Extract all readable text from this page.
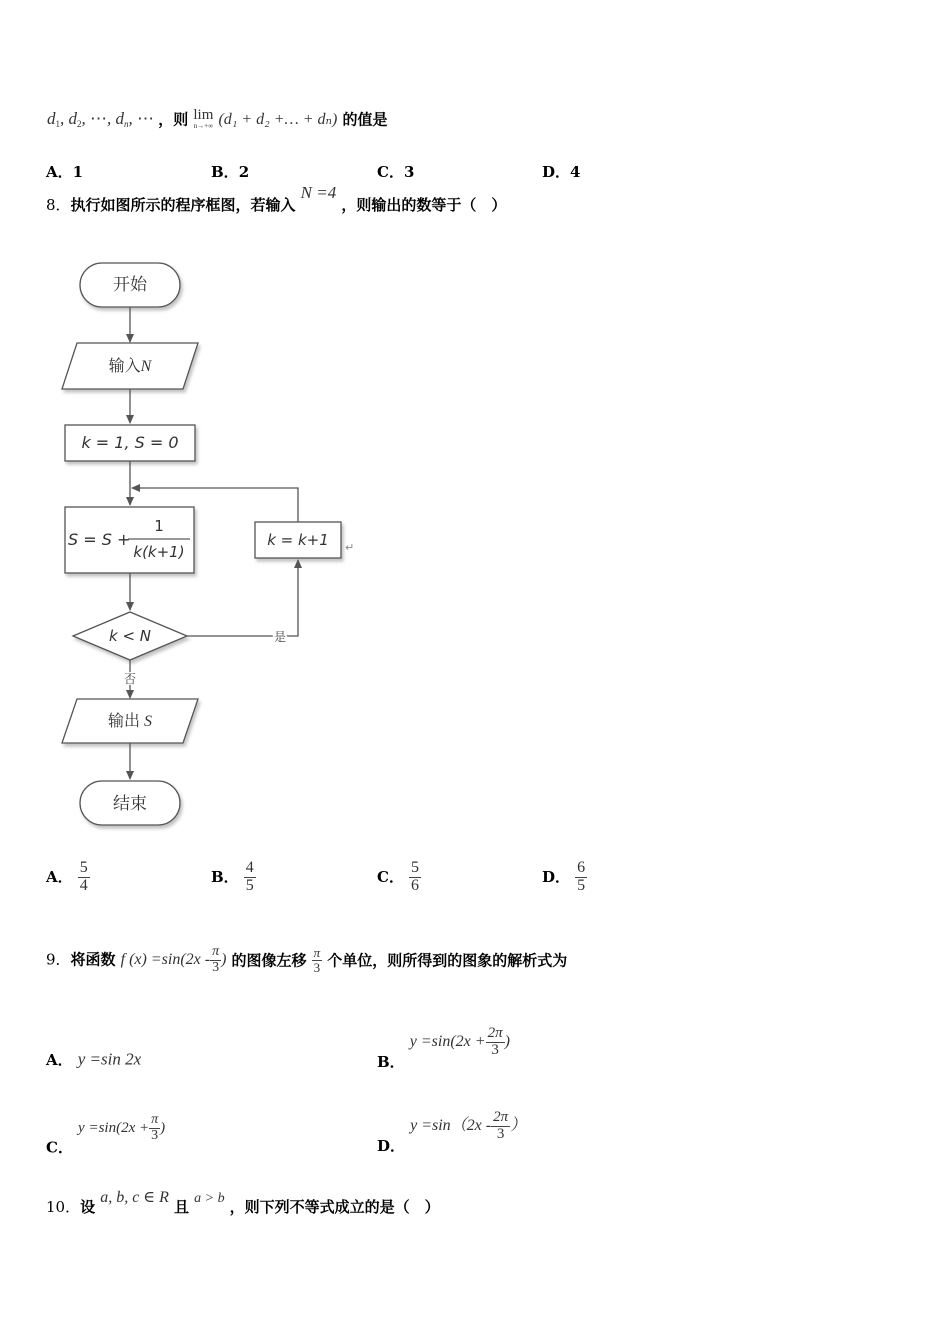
$d_1$, $d_2$, ⋯, $d_n$, ⋯ ，则 lim
n→+∞ (d₁ + d₂ +… + dₙ) 的值是
A．1	B．2	C．3	D．4
8．执行如图所示的程序框图，若输入 N =4 ，则输出的数等于（　）
开始
输入N
k = 1, S = 0
S = S +
1
k(k+1)
k = k+1 ↵
k < N	是
否
输出 S
结束
A． $\frac{5}{4}$	B． $\frac{4}{5}$	C． $\frac{5}{6}$	D． $\frac{6}{5}$
9．将函数 f $(x) =\sin(2x - \frac{\pi}{3}$ ) 的图像左移 $\frac{\pi}{3}$ 个单位，则所得到的图象的解析式为
A． y =sin 2x	B． $y =\sin(2x + \frac{2\pi}{3}$ )
C． $y =\sin(2x + \frac{\pi}{3}$ )
D． $y =\sin(2x - \frac{2\pi}{3}$ ）
10．设 a, b, c ∈ R 且 a > b ，则下列不等式成立的是（　）
